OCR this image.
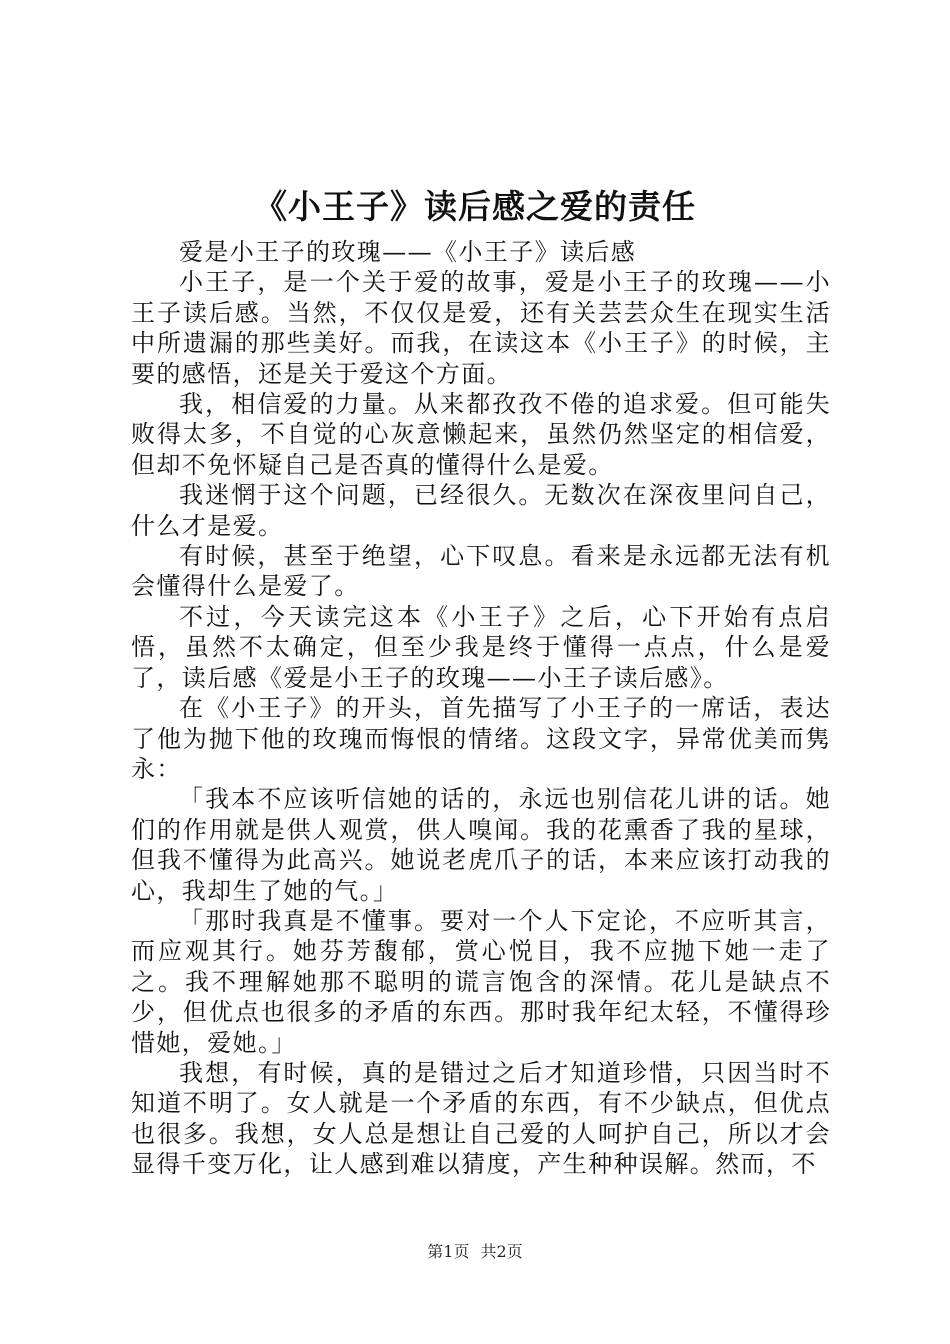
《小王子》读后感之爱的责任

爱是小王子的玫瑰——《小王子》读后感

小王子，是一个关于爱的故事，爱是小王子的玫瑰——小王子读后感。当然，不仅仅是爱，还有关芸芸众生在现实生活中所遗漏的那些美好。而我，在读这本《小王子》的时候，主要的感悟，还是关于爱这个方面。

我，相信爱的力量。从来都孜孜不倦的追求爱。但可能失败得太多，不自觉的心灰意懒起来，虽然仍然坚定的相信爱，但却不免怀疑自己是否真的懂得什么是爱。

我迷惘于这个问题，已经很久。无数次在深夜里问自己，什么才是爱。

有时候，甚至于绝望，心下叹息。看来是永远都无法有机会懂得什么是爱了。

不过，今天读完这本《小王子》之后，心下开始有点启悟，虽然不太确定，但至少我是终于懂得一点点，什么是爱了，读后感《爱是小王子的玫瑰——小王子读后感》。

在《小王子》的开头，首先描写了小王子的一席话，表达了他为抛下他的玫瑰而悔恨的情绪。这段文字，异常优美而隽永：

「我本不应该听信她的话的，永远也别信花儿讲的话。她们的作用就是供人观赏，供人嗅闻。我的花熏香了我的星球，但我不懂得为此高兴。她说老虎爪子的话，本来应该打动我的心，我却生了她的气。」

「那时我真是不懂事。要对一个人下定论，不应听其言，而应观其行。她芬芳馥郁，赏心悦目，我不应抛下她一走了之。我不理解她那不聪明的谎言饱含的深情。花儿是缺点不少，但优点也很多的矛盾的东西。那时我年纪太轻，不懂得珍惜她，爱她。」

我想，有时候，真的是错过之后才知道珍惜，只因当时不知道不明了。女人就是一个矛盾的东西，有不少缺点，但优点也很多。我想，女人总是想让自己爱的人呵护自己，所以才会显得千变万化，让人感到难以猜度，产生种种误解。然而，不

第1页 共2页
